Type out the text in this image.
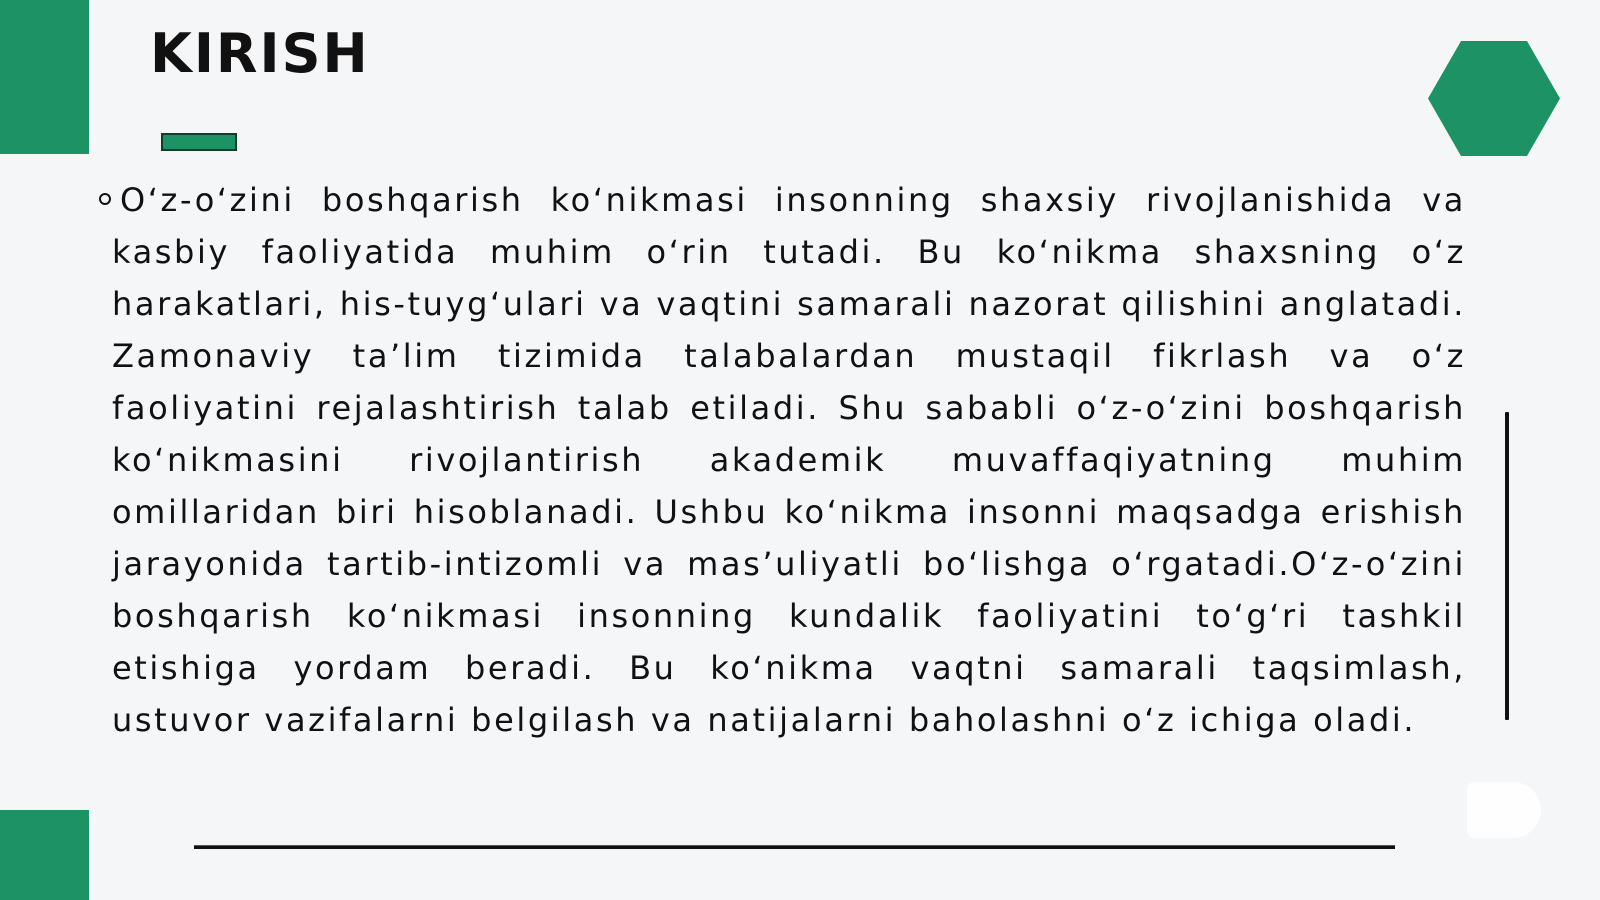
KIRISH

O‘z-o‘zini boshqarish ko‘nikmasi insonning shaxsiy rivojlanishida va kasbiy faoliyatida muhim o‘rin tutadi. Bu ko‘nikma shaxsning o‘z harakatlari, his-tuyg‘ulari va vaqtini samarali nazorat qilishini anglatadi. Zamonaviy ta’lim tizimida talabalardan mustaqil fikrlash va o‘z faoliyatini rejalashtirish talab etiladi. Shu sababli o‘z-o‘zini boshqarish ko‘nikmasini rivojlantirish akademik muvaffaqiyatning muhim omillaridan biri hisoblanadi. Ushbu ko‘nikma insonni maqsadga erishish jarayonida tartib-intizomli va mas’uliyatli bo‘lishga o‘rgatadi.O‘z-o‘zini boshqarish ko‘nikmasi insonning kundalik faoliyatini to‘g‘ri tashkil etishiga yordam beradi. Bu ko‘nikma vaqtni samarali taqsimlash, ustuvor vazifalarni belgilash va natijalarni baholashni o‘z ichiga oladi.
